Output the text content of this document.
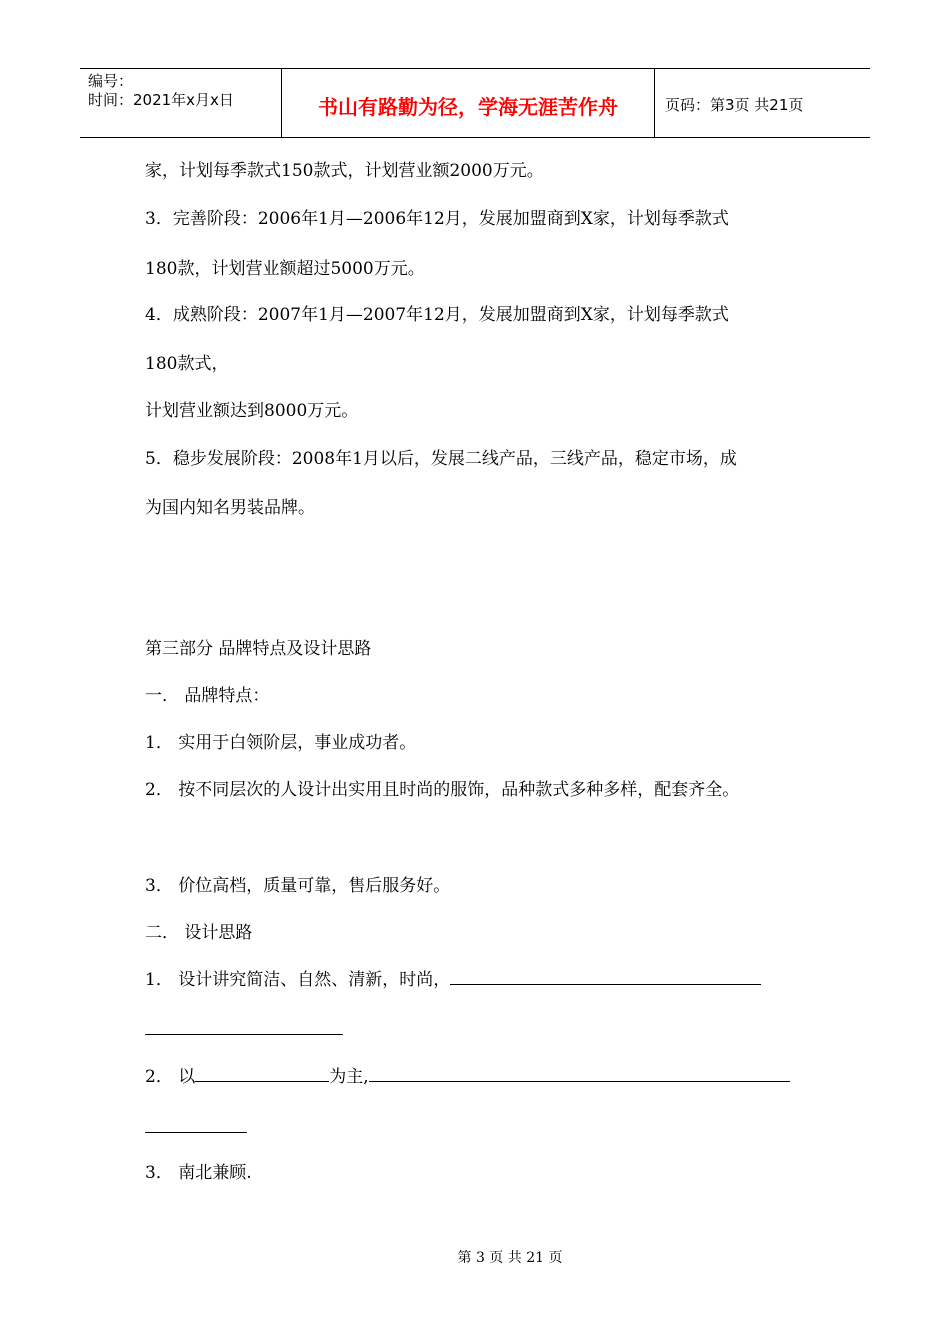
编号：
时间：2021年x月x日	书山有路勤为径，学海无涯苦作舟	页码：第3页 共21页
家，计划每季款式150款式，计划营业额2000万元。
3．完善阶段：2006年1月—2006年12月，发展加盟商到X家，计划每季款式
180款，计划营业额超过5000万元。
4．成熟阶段：2007年1月—2007年12月，发展加盟商到X家，计划每季款式
180款式，
计划营业额达到8000万元。
5．稳步发展阶段：2008年1月以后，发展二线产品，三线产品，稳定市场，成
为国内知名男装品牌。
第三部分 品牌特点及设计思路
一． 品牌特点：
1． 实用于白领阶层，事业成功者。
2． 按不同层次的人设计出实用且时尚的服饰，品种款式多种多样，配套齐全。
3． 价位高档，质量可靠，售后服务好。
二． 设计思路
1． 设计讲究简洁、自然、清新，时尚，
2． 以	为主,
3． 南北兼顾.
第 3 页 共 21 页
